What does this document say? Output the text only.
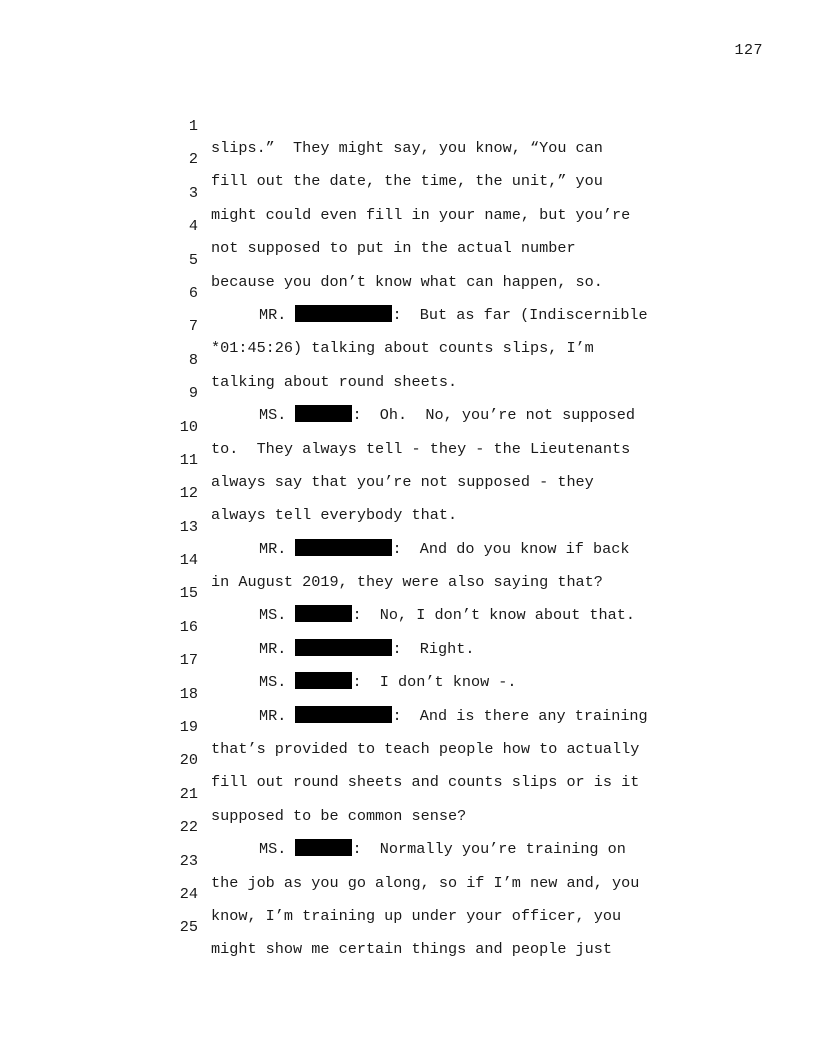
127

1

slips.”  They might say, you know, “You can

2

fill out the date, the time, the unit,” you

3

might could even fill in your name, but you’re

4

not supposed to put in the actual number

5

because you don’t know what can happen, so.

6

MR.	:  But as far (Indiscernible

7

*01:45:26) talking about counts slips, I’m

8

talking about round sheets.

9

MS.	:  Oh.  No, you’re not supposed

10

to.  They always tell - they - the Lieutenants

11

always say that you’re not supposed - they

12

always tell everybody that.

13

MR.	:  And do you know if back

14

in August 2019, they were also saying that?

15

MS.	:  No, I don’t know about that.

16

MR.	:  Right.

17

MS.	:  I don’t know -.

18

MR.	:  And is there any training

19

that’s provided to teach people how to actually

20

fill out round sheets and counts slips or is it

21

supposed to be common sense?

22

MS.	:  Normally you’re training on

23

the job as you go along, so if I’m new and, you

24

know, I’m training up under your officer, you

25

might show me certain things and people just
